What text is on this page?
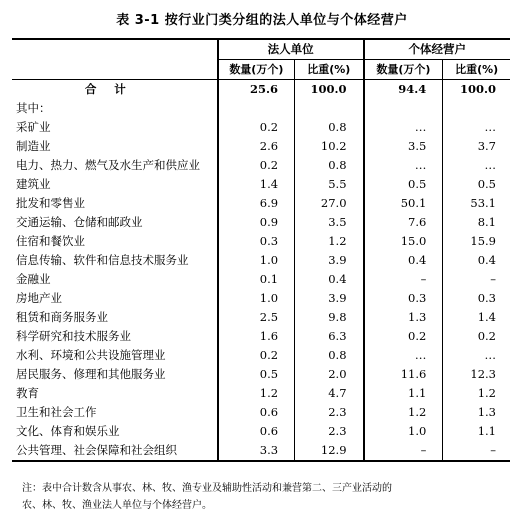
表 3-1 按行业门类分组的法人单位与个体经营户
	法人单位		个体经营户	
	数量(万个)	比重(%)	数量(万个)	比重(%)
合计	25.6	100.0	94.4	100.0
其中：				
采矿业	0.2	0.8	…	…
制造业	2.6	10.2	3.5	3.7
电力、热力、燃气及水生产和供应业	0.2	0.8	…	…
建筑业	1.4	5.5	0.5	0.5
批发和零售业	6.9	27.0	50.1	53.1
交通运输、仓储和邮政业	0.9	3.5	7.6	8.1
住宿和餐饮业	0.3	1.2	15.0	15.9
信息传输、软件和信息技术服务业	1.0	3.9	0.4	0.4
金融业	0.1	0.4	–	–
房地产业	1.0	3.9	0.3	0.3
租赁和商务服务业	2.5	9.8	1.3	1.4
科学研究和技术服务业	1.6	6.3	0.2	0.2
水利、环境和公共设施管理业	0.2	0.8	…	…
居民服务、修理和其他服务业	0.5	2.0	11.6	12.3
教育	1.2	4.7	1.1	1.2
卫生和社会工作	0.6	2.3	1.2	1.3
文化、体育和娱乐业	0.6	2.3	1.0	1.1
公共管理、社会保障和社会组织	3.3	12.9	–	–
注：表中合计数含从事农、林、牧、渔专业及辅助性活动和兼营第二、三产业活动的
农、林、牧、渔业法人单位与个体经营户。
